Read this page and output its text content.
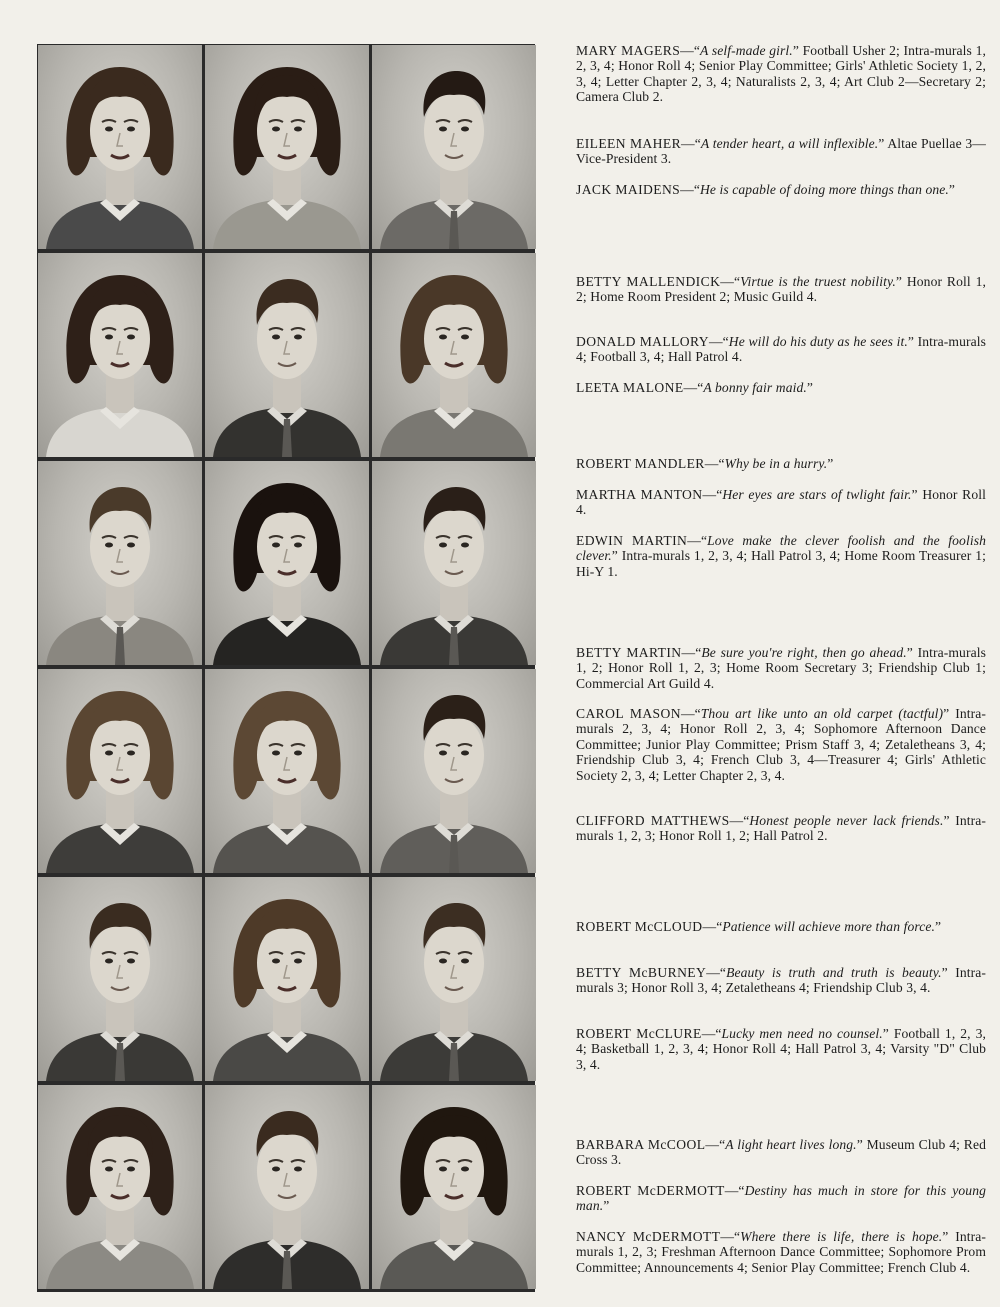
MARY MAGERS—“A self-made girl.” Football Usher 2; Intra-murals 1, 2, 3, 4; Honor Roll 4; Senior Play Committee; Girls' Athletic Society 1, 2, 3, 4; Letter Chapter 2, 3, 4; Naturalists 2, 3, 4; Art Club 2—Secretary 2; Camera Club 2.
EILEEN MAHER—“A tender heart, a will inflexible.” Altae Puellae 3—Vice-President 3.
JACK MAIDENS—“He is capable of doing more things than one.”
BETTY MALLENDICK—“Virtue is the truest nobility.” Honor Roll 1, 2; Home Room President 2; Music Guild 4.
DONALD MALLORY—“He will do his duty as he sees it.” Intra-murals 4; Football 3, 4; Hall Patrol 4.
LEETA MALONE—“A bonny fair maid.”
ROBERT MANDLER—“Why be in a hurry.”
MARTHA MANTON—“Her eyes are stars of twlight fair.” Honor Roll 4.
EDWIN MARTIN—“Love make the clever foolish and the foolish clever.” Intra-murals 1, 2, 3, 4; Hall Patrol 3, 4; Home Room Treasurer 1; Hi-Y 1.
BETTY MARTIN—“Be sure you're right, then go ahead.” Intra-murals 1, 2; Honor Roll 1, 2, 3; Home Room Secretary 3; Friendship Club 1; Commercial Art Guild 4.
CAROL MASON—“Thou art like unto an old carpet (tactful)” Intra-murals 2, 3, 4; Honor Roll 2, 3, 4; Sophomore Afternoon Dance Committee; Junior Play Committee; Prism Staff 3, 4; Zetaletheans 3, 4; Friendship Club 3, 4; French Club 3, 4—Treasurer 4; Girls' Athletic Society 2, 3, 4; Letter Chapter 2, 3, 4.
CLIFFORD MATTHEWS—“Honest people never lack friends.” Intra-murals 1, 2, 3; Honor Roll 1, 2; Hall Patrol 2.
ROBERT McCLOUD—“Patience will achieve more than force.”
BETTY McBURNEY—“Beauty is truth and truth is beauty.” Intra-murals 3; Honor Roll 3, 4; Zetaletheans 4; Friendship Club 3, 4.
ROBERT McCLURE—“Lucky men need no counsel.” Football 1, 2, 3, 4; Basketball 1, 2, 3, 4; Honor Roll 4; Hall Patrol 3, 4; Varsity "D" Club 3, 4.
BARBARA McCOOL—“A light heart lives long.” Museum Club 4; Red Cross 3.
ROBERT McDERMOTT—“Destiny has much in store for this young man.”
NANCY McDERMOTT—“Where there is life, there is hope.” Intra-murals 1, 2, 3; Freshman Afternoon Dance Committee; Sophomore Prom Committee; Announcements 4; Senior Play Committee; French Club 4.
